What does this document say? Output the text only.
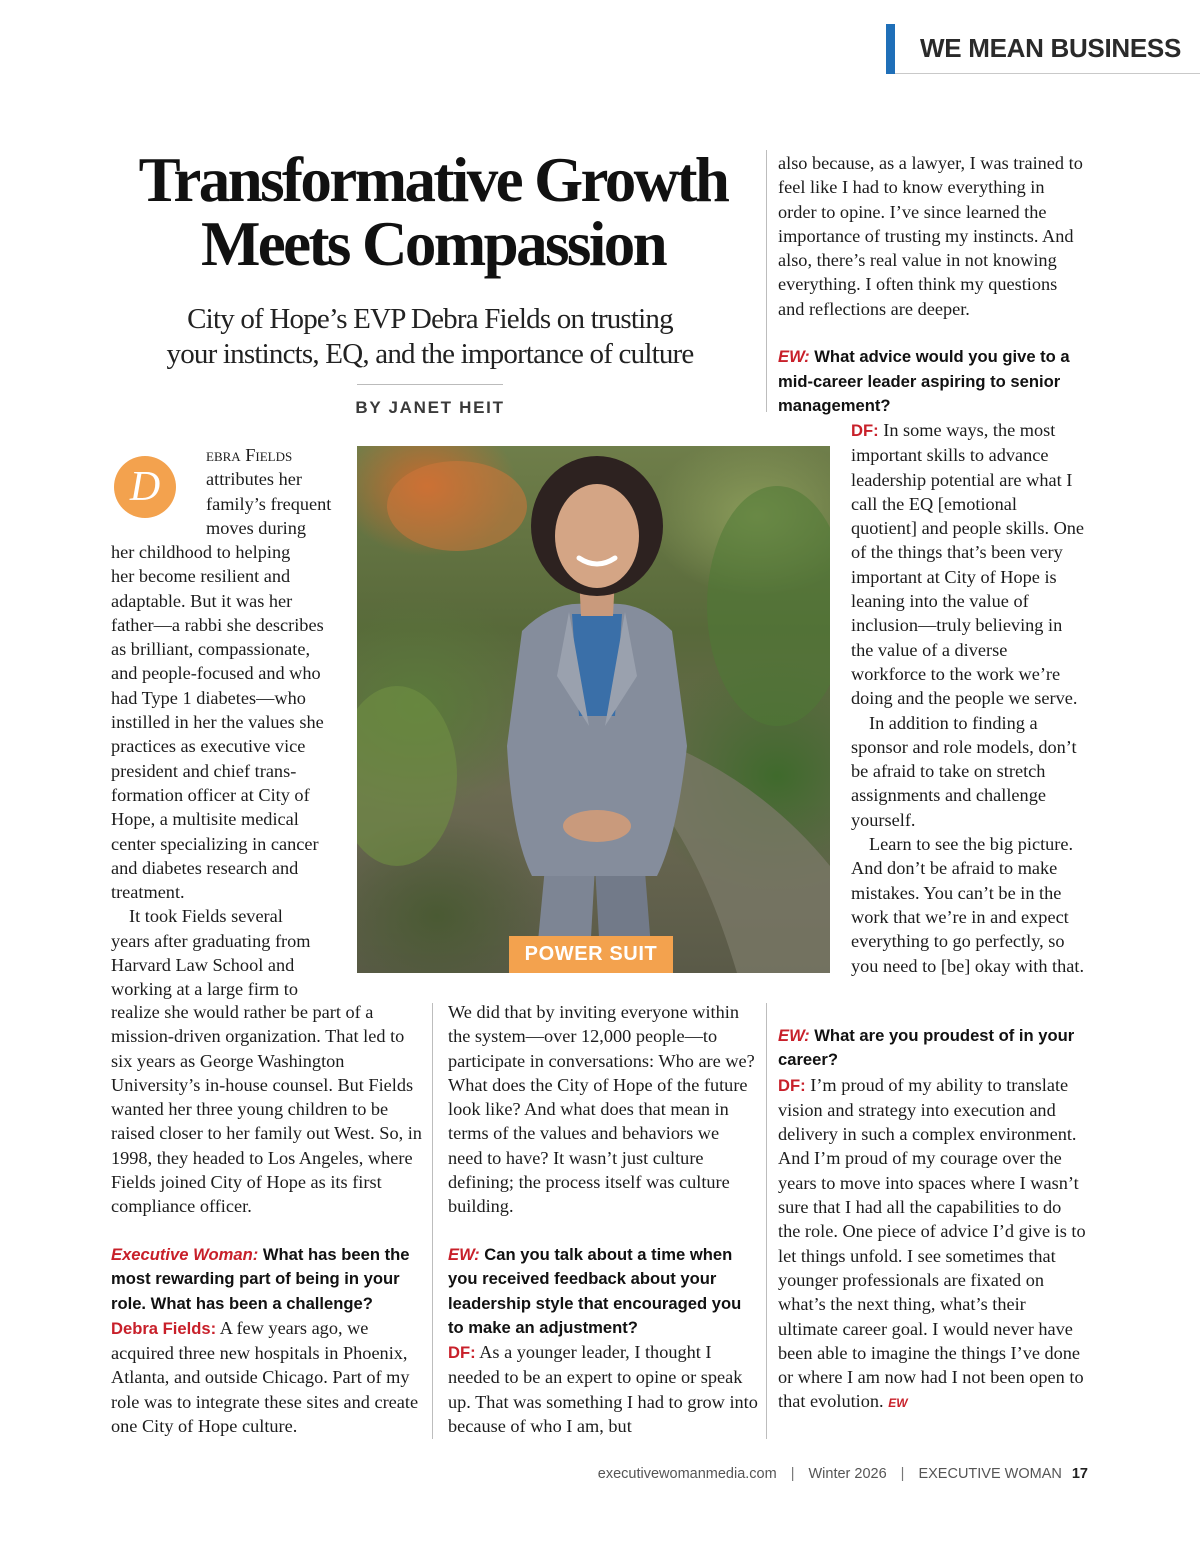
WE MEAN BUSINESS
Transformative Growth
Meets Compassion
City of Hope’s EVP Debra Fields on trusting
your instincts, EQ, and the importance of culture
BY JANET HEIT
D

ebra Fields

attributes her

family’s frequent

moves during

her childhood to helping

her become resilient and

adaptable. But it was her

father—a rabbi she describes

as brilliant, compassionate,

and people-focused and who

had Type 1 diabetes—who

instilled in her the values she

practices as executive vice

president and chief trans-

formation officer at City of

Hope, a multisite medical

center specializing in cancer

and diabetes research and

treatment.

It took Fields several

years after graduating from

Harvard Law School and

working at a large firm to

realize she would rather be part of a mission-driven organization. That led to six years as George Washington University’s in-house counsel. But Fields wanted her three young children to be raised closer to her family out West. So, in 1998, they headed to Los Angeles, where Fields joined City of Hope as its first compliance officer.

Executive Woman: What has been the most rewarding part of being in your role. What has been a challenge?

Debra Fields: A few years ago, we acquired three new hospitals in Phoenix, Atlanta, and outside Chicago. Part of my role was to integrate these sites and create one City of Hope culture.

POWER SUIT

We did that by inviting everyone within the system—over 12,000 people—to participate in conversations: Who are we? What does the City of Hope of the future look like? And what does that mean in terms of the values and behaviors we need to have? It wasn’t just culture defining; the process itself was culture building.

EW: Can you talk about a time when you received feedback about your leadership style that encouraged you to make an adjustment?

DF: As a younger leader, I thought I needed to be an expert to opine or speak up. That was something I had to grow into because of who I am, but

also because, as a lawyer, I was trained to feel like I had to know everything in order to opine. I’ve since learned the importance of trusting my instincts. And also, there’s real value in not knowing everything. I often think my questions and reflections are deeper.

EW: What advice would you give to a mid-career leader aspiring to senior management?

DF: In some ways, the most important skills to advance leadership potential are what I call the EQ [emotional quotient] and people skills. One of the things that’s been very important at City of Hope is leaning into the value of inclusion—truly believing in the value of a diverse workforce to the work we’re doing and the people we serve.

In addition to finding a sponsor and role models, don’t be afraid to take on stretch assignments and challenge yourself.

Learn to see the big picture. And don’t be afraid to make mistakes. You can’t be in the work that we’re in and expect everything to go perfectly, so you need to [be] okay with that.

EW: What are you proudest of in your career?

DF: I’m proud of my ability to translate vision and strategy into execution and delivery in such a complex environment. And I’m proud of my courage over the years to move into spaces where I wasn’t sure that I had all the capabilities to do the role. One piece of advice I’d give is to let things unfold. I see sometimes that younger professionals are fixated on what’s the next thing, what’s their ultimate career goal. I would never have been able to imagine the things I’ve done or where I am now had I not been open to that evolution. EW

executivewomanmedia.com | Winter 2026 | EXECUTIVE WOMAN 17
